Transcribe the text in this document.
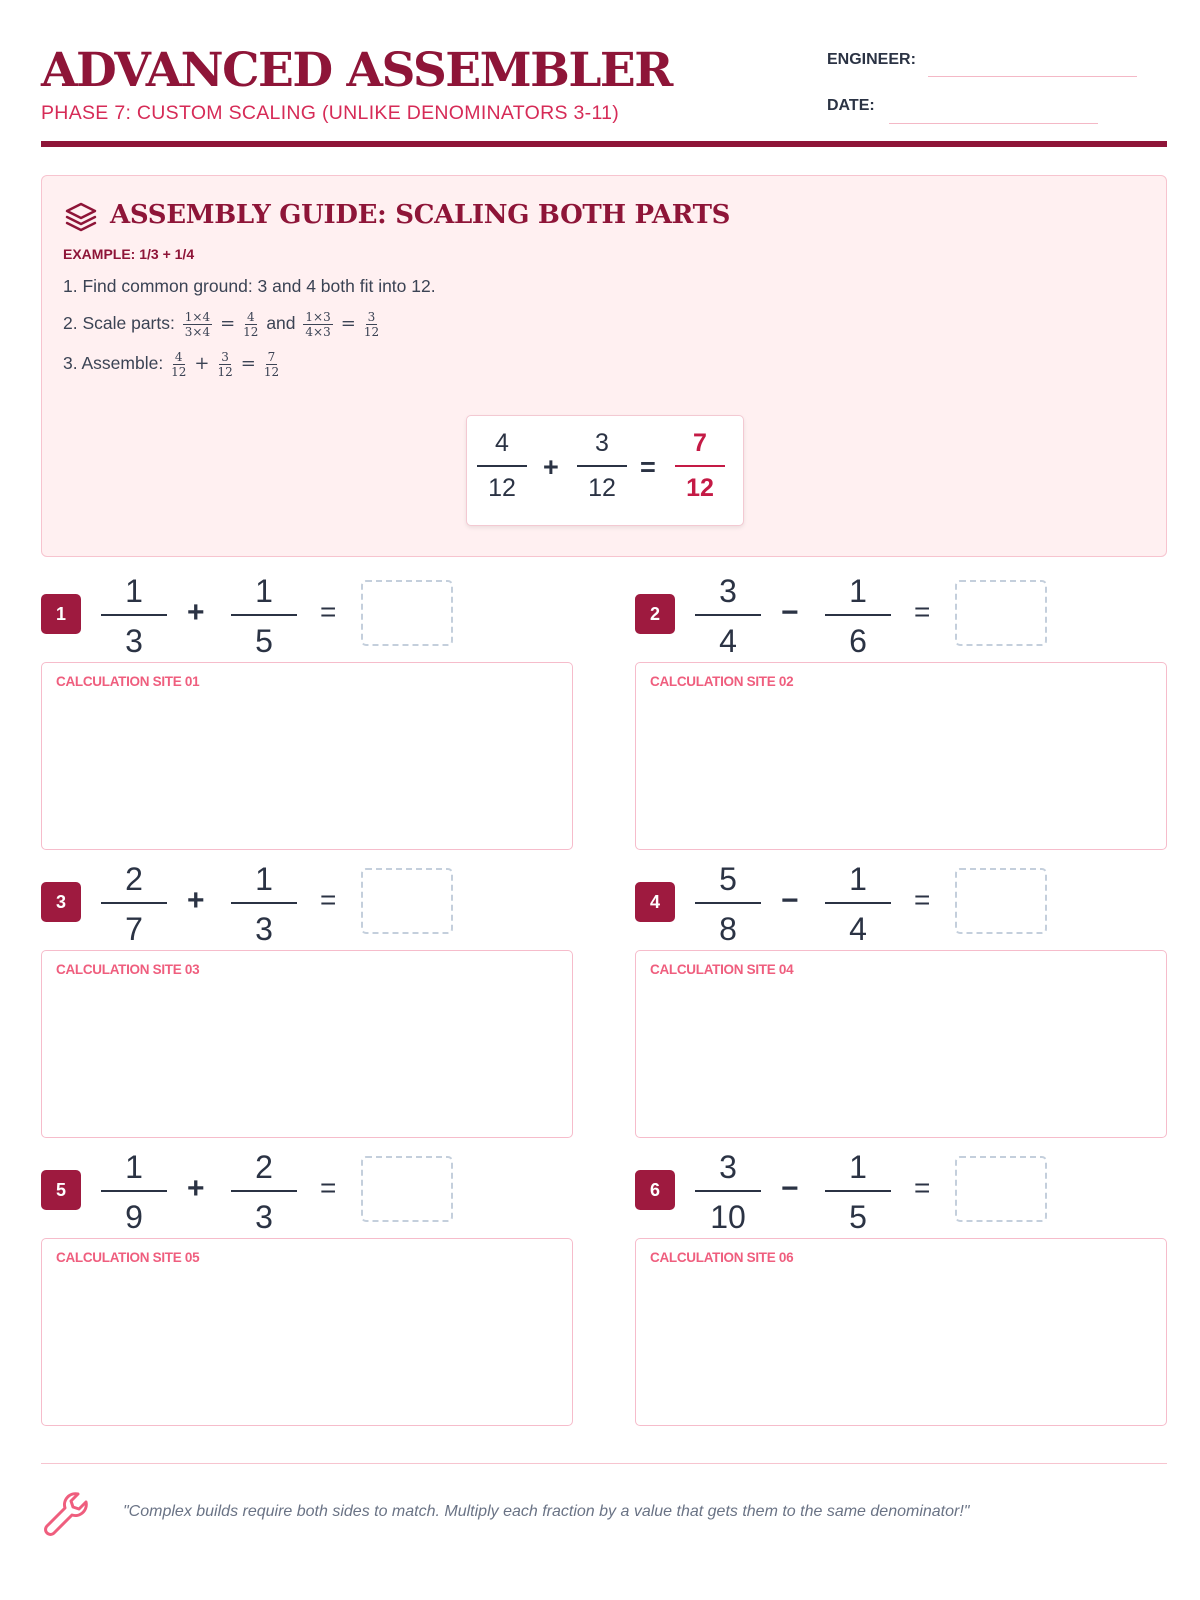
ADVANCED ASSEMBLER
PHASE 7: CUSTOM SCALING (UNLIKE DENOMINATORS 3-11)
ENGINEER:
DATE:
ASSEMBLY GUIDE: SCALING BOTH PARTS
EXAMPLE: 1/3 + 1/4
1. Find common ground: 3 and 4 both fit into 12.
2. Scale parts: $\frac{1\times 4}{3\times 4} = \frac{4}{12}$ and $\frac{1\times 3}{4\times 3} = \frac{3}{12}$
3. Assemble: $\frac{4}{12} + \frac{3}{12} = \frac{7}{12}$
4
12
+
3
12
=
7
12
1
1
3
+
1
5
=
CALCULATION SITE 01
2
3
4
−
1
6
=
CALCULATION SITE 02
3
2
7
+
1
3
=
CALCULATION SITE 03
4
5
8
−
1
4
=
CALCULATION SITE 04
5
1
9
+
2
3
=
CALCULATION SITE 05
6
3
10
−
1
5
=
CALCULATION SITE 06
"Complex builds require both sides to match. Multiply each fraction by a value that gets them to the same denominator!"
